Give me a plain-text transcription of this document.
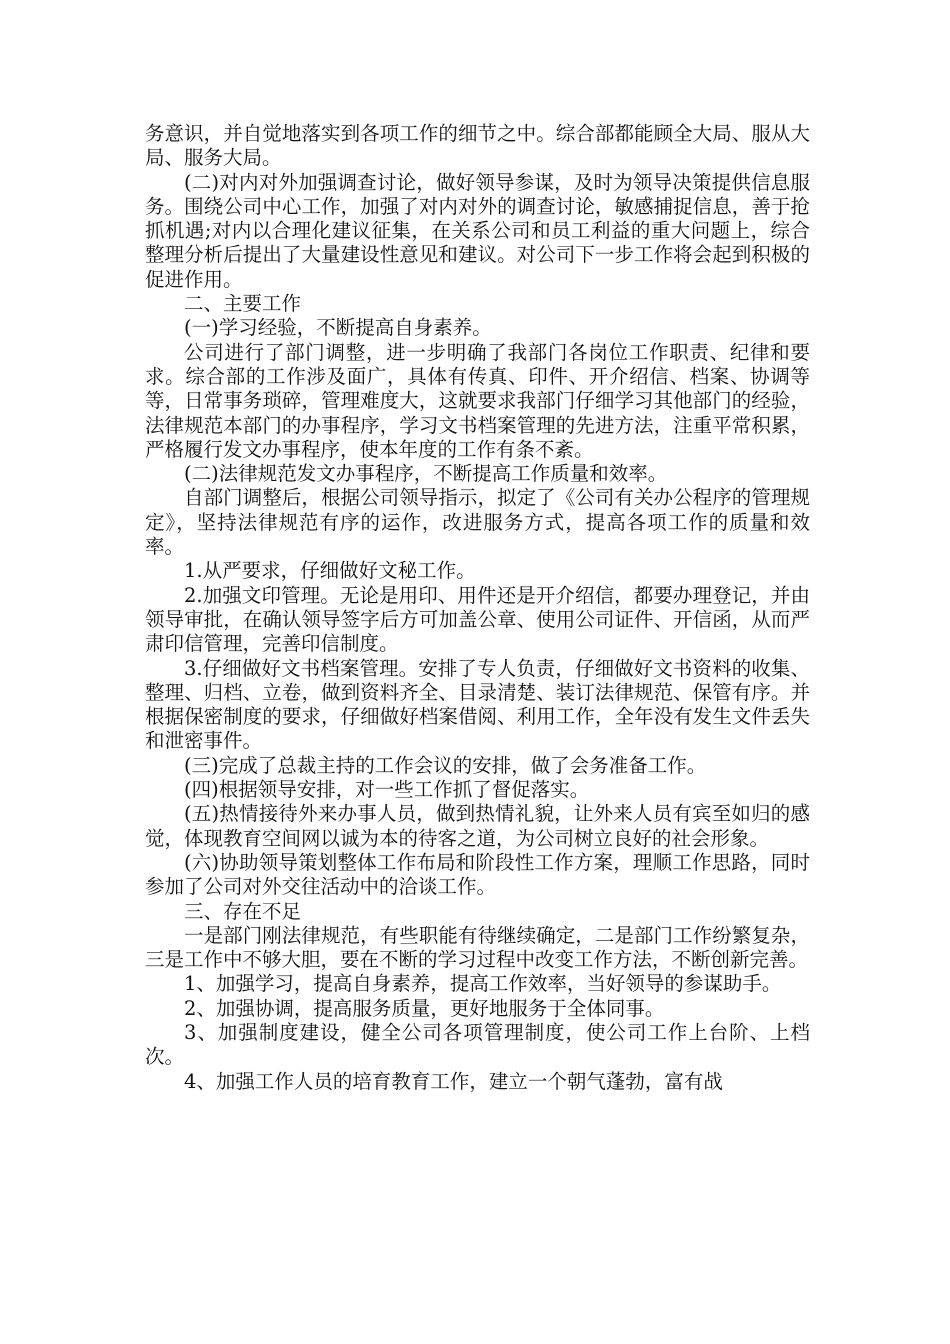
务意识，并自觉地落实到各项工作的细节之中。综合部都能顾全大局、服从大局、服务大局。

(二)对内对外加强调查讨论，做好领导参谋，及时为领导决策提供信息服务。围绕公司中心工作，加强了对内对外的调查讨论，敏感捕捉信息，善于抢抓机遇;对内以合理化建议征集，在关系公司和员工利益的重大问题上，综合整理分析后提出了大量建设性意见和建议。对公司下一步工作将会起到积极的促进作用。

二、主要工作

(一)学习经验，不断提高自身素养。

公司进行了部门调整，进一步明确了我部门各岗位工作职责、纪律和要求。综合部的工作涉及面广，具体有传真、印件、开介绍信、档案、协调等等，日常事务琐碎，管理难度大，这就要求我部门仔细学习其他部门的经验，法律规范本部门的办事程序，学习文书档案管理的先进方法，注重平常积累，严格履行发文办事程序，使本年度的工作有条不紊。

(二)法律规范发文办事程序，不断提高工作质量和效率。

自部门调整后，根据公司领导指示，拟定了《公司有关办公程序的管理规定》，坚持法律规范有序的运作，改进服务方式，提高各项工作的质量和效率。

1.从严要求，仔细做好文秘工作。

2.加强文印管理。无论是用印、用件还是开介绍信，都要办理登记，并由领导审批，在确认领导签字后方可加盖公章、使用公司证件、开信函，从而严肃印信管理，完善印信制度。

3.仔细做好文书档案管理。安排了专人负责，仔细做好文书资料的收集、整理、归档、立卷，做到资料齐全、目录清楚、装订法律规范、保管有序。并根据保密制度的要求，仔细做好档案借阅、利用工作，全年没有发生文件丢失和泄密事件。

(三)完成了总裁主持的工作会议的安排，做了会务准备工作。

(四)根据领导安排，对一些工作抓了督促落实。

(五)热情接待外来办事人员，做到热情礼貌，让外来人员有宾至如归的感觉，体现教育空间网以诚为本的待客之道，为公司树立良好的社会形象。

(六)协助领导策划整体工作布局和阶段性工作方案，理顺工作思路，同时参加了公司对外交往活动中的洽谈工作。

三、存在不足

一是部门刚法律规范，有些职能有待继续确定，二是部门工作纷繁复杂，三是工作中不够大胆，要在不断的学习过程中改变工作方法，不断创新完善。

1、加强学习，提高自身素养，提高工作效率，当好领导的参谋助手。

2、加强协调，提高服务质量，更好地服务于全体同事。

3、加强制度建设，健全公司各项管理制度，使公司工作上台阶、上档次。

4、加强工作人员的培育教育工作，建立一个朝气蓬勃，富有战
